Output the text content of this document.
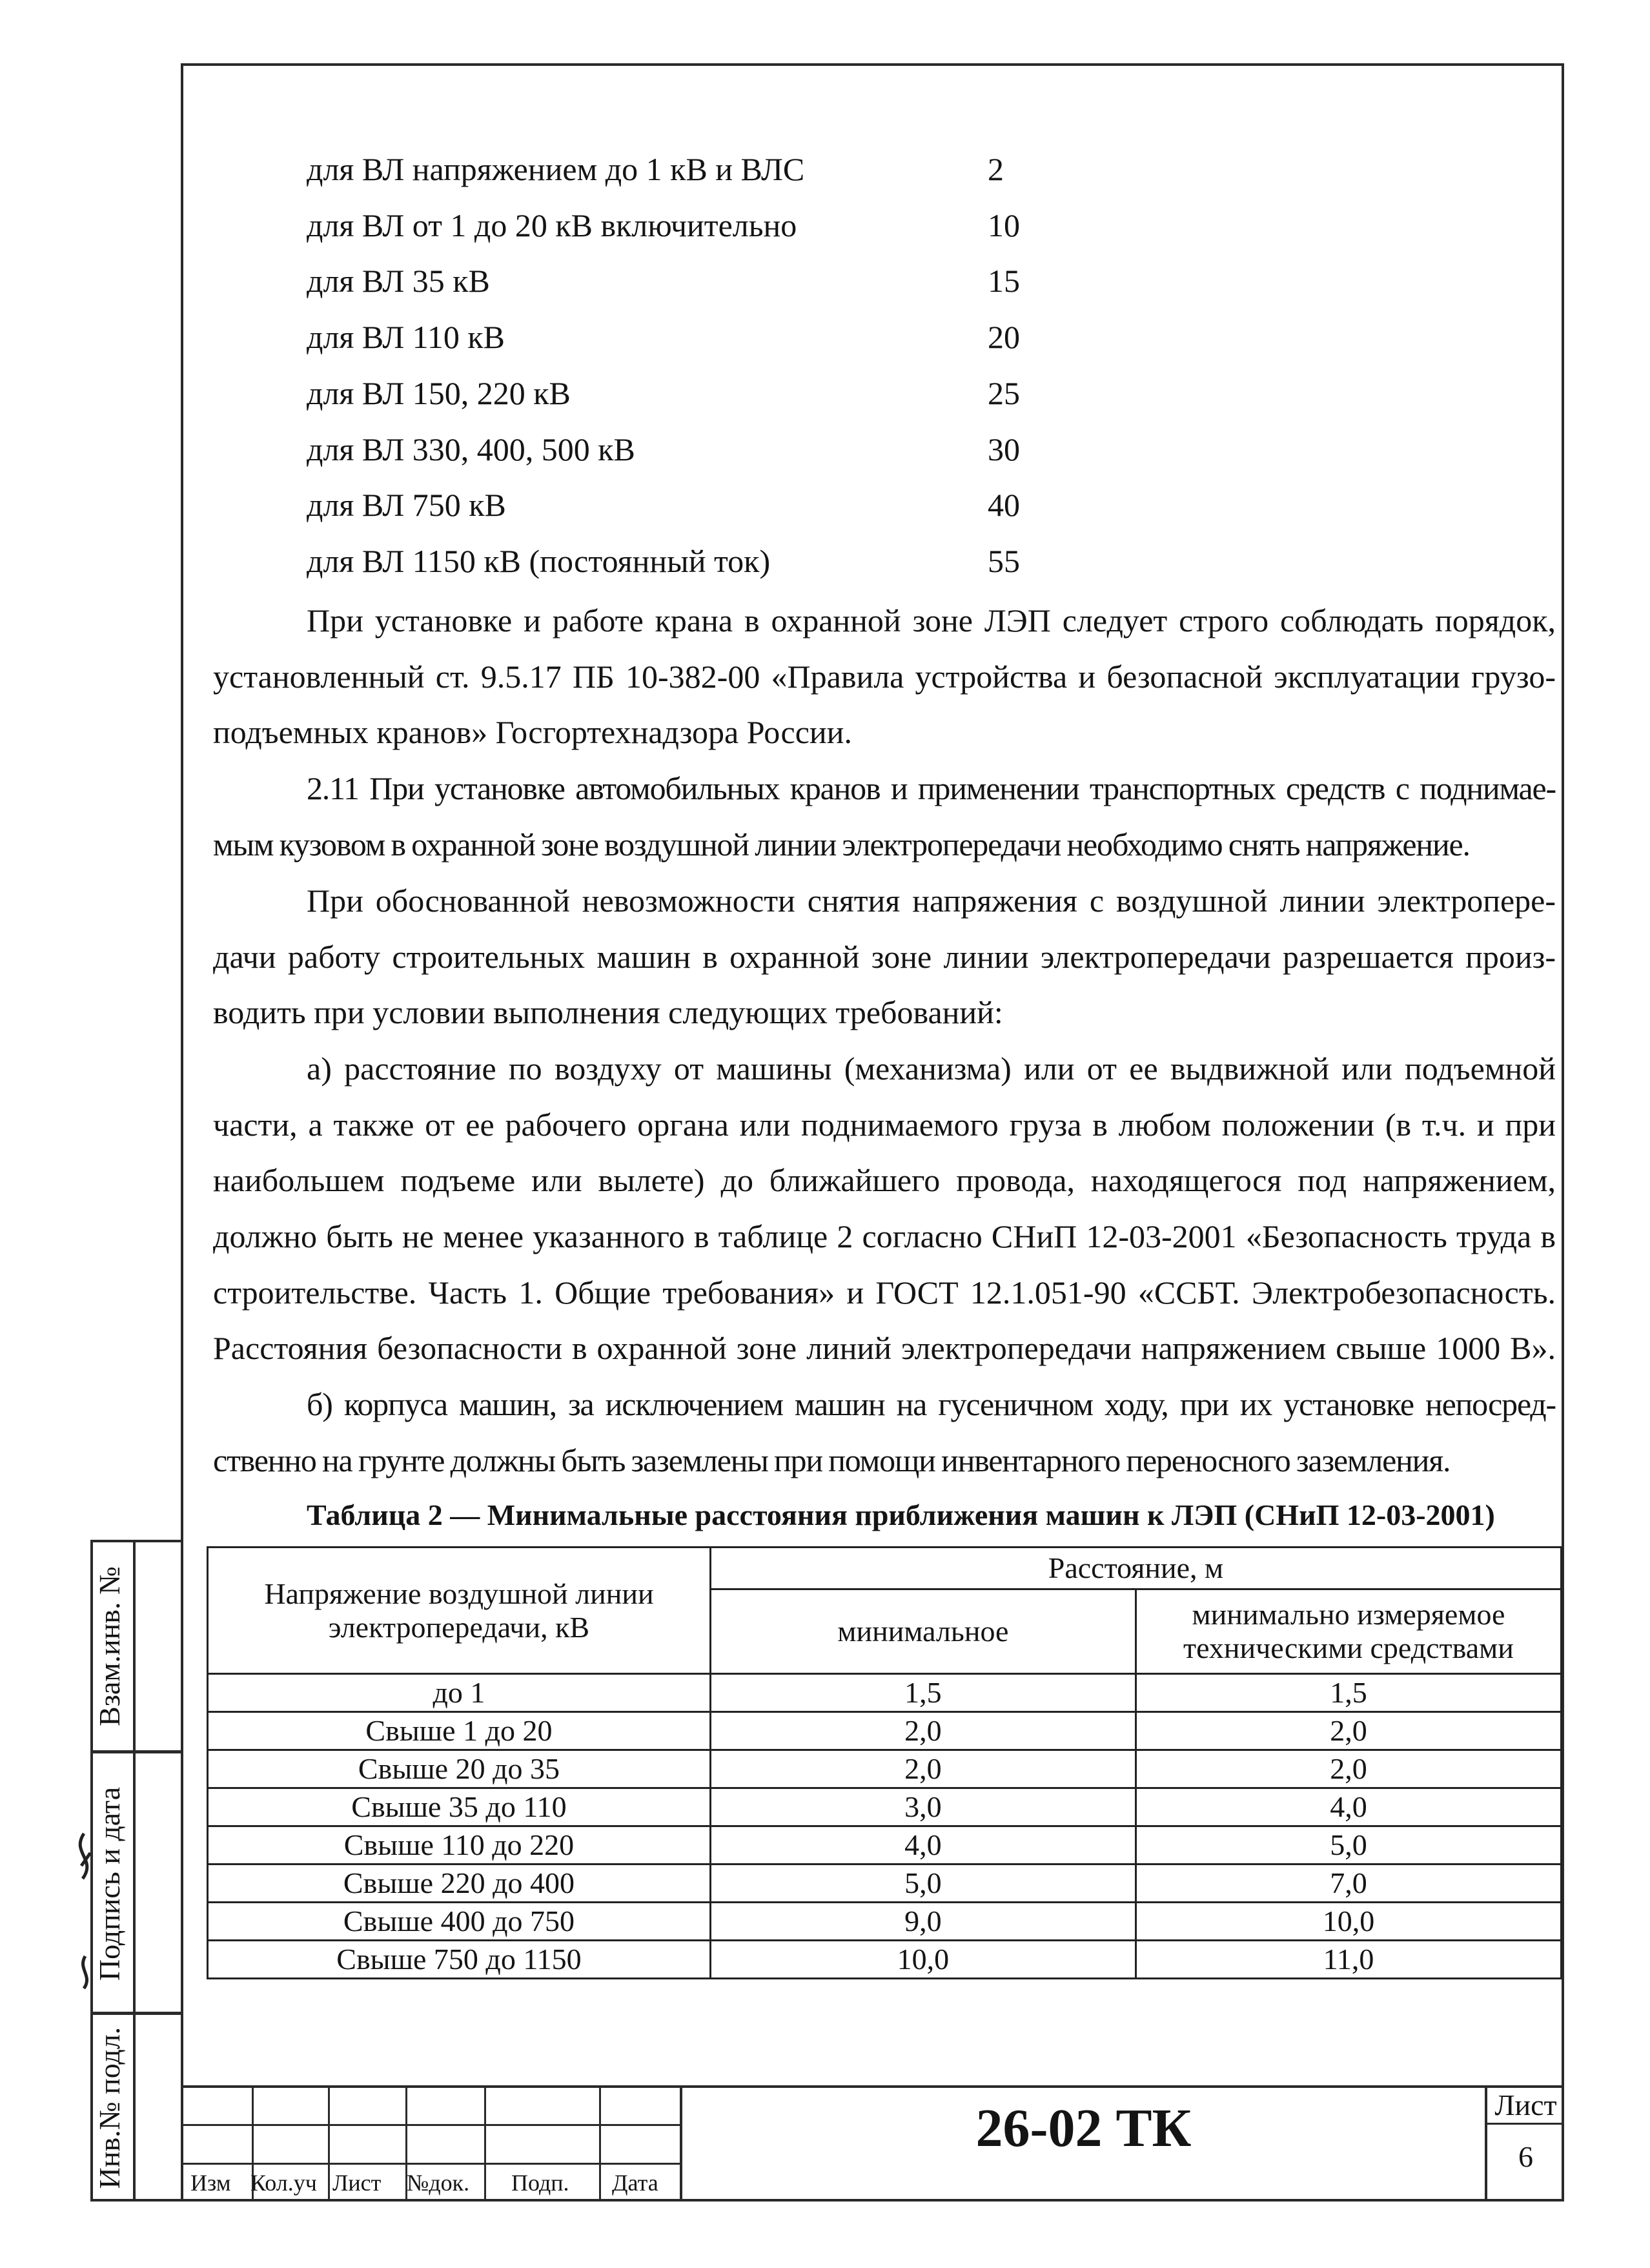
Взам.инв. №
Подпись и дата
Инв.№ подл.
для ВЛ напряжением до 1 кВ и ВЛС	2
для ВЛ от 1 до 20 кВ включительно	10
для ВЛ 35 кВ	15
для ВЛ 110 кВ	20
для ВЛ 150, 220 кВ	25
для ВЛ 330, 400, 500 кВ	30
для ВЛ 750 кВ	40
для ВЛ 1150 кВ (постоянный ток)	55
При установке и работе крана в охранной зоне ЛЭП следует строго соблюдать порядок,
установленный ст. 9.5.17 ПБ 10-382-00 «Правила устройства и безопасной эксплуатации грузо-
подъемных кранов» Госгортехнадзора России.
2.11 При установке автомобильных кранов и применении транспортных средств с поднимае-
мым кузовом в охранной зоне воздушной линии электропередачи необходимо снять напряжение.
При обоснованной невозможности снятия напряжения с воздушной линии электропере-
дачи работу строительных машин в охранной зоне линии электропередачи разрешается произ-
водить при условии выполнения следующих требований:
а) расстояние по воздуху от машины (механизма) или от ее выдвижной или подъемной
части, а также от ее рабочего органа или поднимаемого груза в любом положении (в т.ч. и при
наибольшем подъеме или вылете) до ближайшего провода, находящегося под напряжением,
должно быть не менее указанного в таблице 2 согласно СНиП 12-03-2001 «Безопасность труда в
строительстве. Часть 1. Общие требования» и ГОСТ 12.1.051-90 «ССБТ. Электробезопасность.
Расстояния безопасности в охранной зоне линий электропередачи напряжением свыше 1000 В».
б) корпуса машин, за исключением машин на гусеничном ходу, при их установке непосред-
ственно на грунте должны быть заземлены при помощи инвентарного переносного заземления.
Таблица 2 — Минимальные расстояния приближения машин к ЛЭП (СНиП 12-03-2001)
Напряжение воздушной линии
электропередачи, кВ	Расстояние, м	
	минимальное	минимально измеряемое
техническими средствами

до 1	1,5	1,5
Свыше 1 до 20	2,0	2,0
Свыше 20 до 35	2,0	2,0
Свыше 35 до 110	3,0	4,0
Свыше 110 до 220	4,0	5,0
Свыше 220 до 400	5,0	7,0
Свыше 400 до 750	9,0	10,0
Свыше 750 до 1150	10,0	11,0
Изм Кол.уч Лист №док. Подп. Дата
26-02 ТК	Лист
6
